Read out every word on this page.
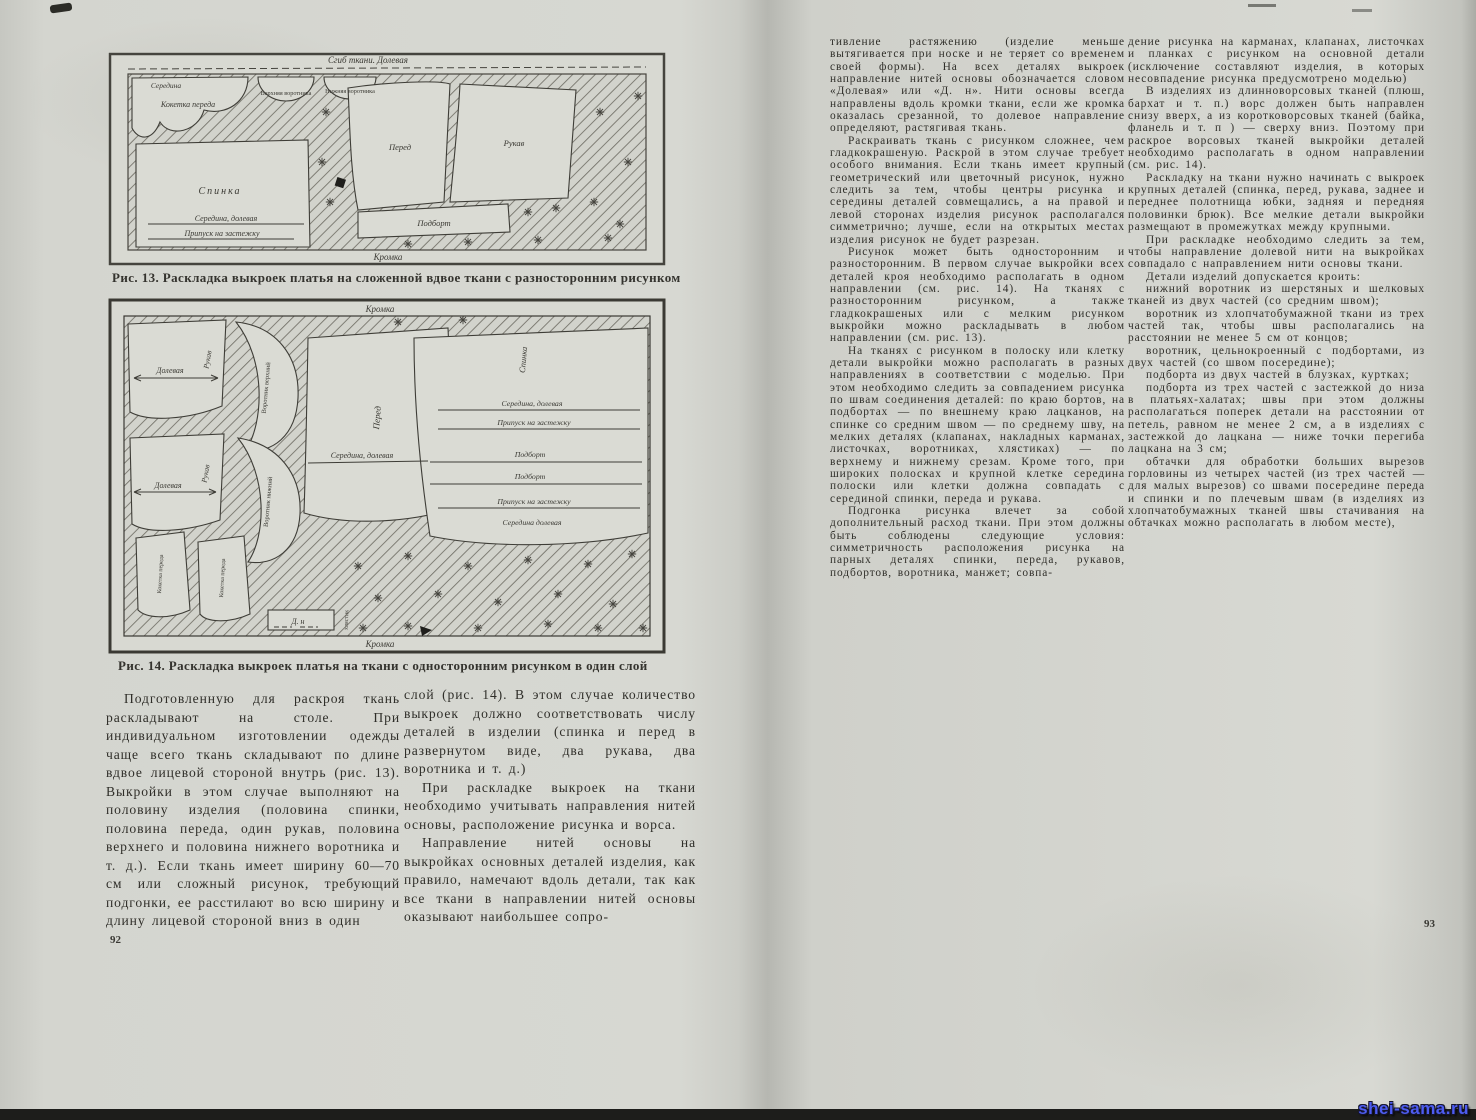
Сгиб ткани. Долевая
Середина
Кокетка переда
Верхняя воротника Нижняя воротника
Спинка
Середина, долевая
Припуск на застежку
Перед	Рукав
Подборт
Кромка
Рис. 13. Раскладка выкроек платья на сложенной вдвое ткани с разносторонним рисунком
Кромка
Рукав
Долевая
Рукав
Долевая
Воротник верхний
Воротник нижний
Кокетка переда	Кокетка переда
Перед
Середина, долевая
Спинка
Середина, долевая
Припуск на застежку
Подборт
Подборт
Припуск на застежку
Середина долевая
Д. н	хлястик
Кромка
Рис. 14. Раскладка выкроек платья на ткани с односторонним рисунком в один слой

Подготовленную для раскроя ткань раскладывают на столе. При индивидуальном изготовлении одежды чаще всего ткань складывают по длине вдвое лицевой стороной внутрь (рис. 13). Выкройки в этом случае выполняют на половину изделия (половина спинки, половина переда, один рукав, половина верхнего и половина нижнего воротника и т. д.). Если ткань имеет ширину 60—70 см или сложный рисунок, требующий подгонки, ее расстилают во всю ширину и длину лицевой стороной вниз в один

слой (рис. 14). В этом случае количество выкроек должно соответствовать числу деталей в изделии (спинка и перед в развернутом виде, два рукава, два воротника и т. д.)

При раскладке выкроек на ткани необходимо учитывать направления нитей основы, расположение рисунка и ворса.

Направление нитей основы на выкройках основных деталей изделия, как правило, намечают вдоль детали, так как все ткани в направлении нитей основы оказывают наибольшее сопро-

92

тивление растяжению (изделие меньше вытягивается при носке и не теряет со временем своей формы). На всех деталях выкроек направление нитей основы обозначается словом «Долевая» или «Д. н». Нити основы всегда направлены вдоль кромки ткани, если же кромка оказалась срезанной, то долевое направление определяют, растягивая ткань.

Раскраивать ткань с рисунком сложнее, чем гладкокрашеную. Раскрой в этом случае требует особого внимания. Если ткань имеет крупный геометрический или цветочный рисунок, нужно следить за тем, чтобы центры рисунка и середины деталей совмещались, а на правой и левой сторонах изделия рисунок располагался симметрично; лучше, если на открытых местах изделия рисунок не будет разрезан.

Рисунок может быть односторонним и разносторонним. В первом случае выкройки всех деталей кроя необходимо располагать в одном направлении (см. рис. 14). На тканях с разносторонним рисунком, а также гладкокрашеных или с мелким рисунком выкройки можно раскладывать в любом направлении (см. рис. 13).

На тканях с рисунком в полоску или клетку детали выкройки можно располагать в разных направлениях в соответствии с моделью. При этом необходимо следить за совпадением рисунка по швам соединения деталей: по краю бортов, на подбортах — по внешнему краю лацканов, на спинке со средним швом — по среднему шву, на мелких деталях (клапанах, накладных карманах, листочках, воротниках, хлястиках) — по верхнему и нижнему срезам. Кроме того, при широких полосках и крупной клетке середина полоски или клетки должна совпадать с серединой спинки, переда и рукава.

Подгонка рисунка влечет за собой дополнительный расход ткани. При этом должны быть соблюдены следующие условия: симметричность расположения рисунка на парных деталях спинки, переда, рукавов, подбортов, воротника, манжет; совпа-

дение рисунка на карманах, клапанах, листочках и планках с рисунком на основной детали (исключение составляют изделия, в которых несовпадение рисунка предусмотрено моделью)

В изделиях из длинноворсовых тканей (плюш, бархат и т. п.) ворс должен быть направлен снизу вверх, а из коротковорсовых тканей (байка, фланель и т. п ) — сверху вниз. Поэтому при раскрое ворсовых тканей выкройки деталей необходимо располагать в одном направлении (см. рис. 14).

Раскладку на ткани нужно начинать с выкроек крупных деталей (спинка, перед, рукава, заднее и переднее полотнища юбки, задняя и передняя половинки брюк). Все мелкие детали выкройки размещают в промежутках между крупными.

При раскладке необходимо следить за тем, чтобы направление долевой нити на выкройках совпадало с направлением нити основы ткани.

Детали изделий допускается кроить:

нижний воротник из шерстяных и шелковых тканей из двух частей (со средним швом);

воротник из хлопчатобумажной ткани из трех частей так, чтобы швы располагались на расстоянии не менее 5 см от концов;

воротник, цельнокроенный с подбортами, из двух частей (со швом посередине);

подборта из двух частей в блузках, куртках;

подборта из трех частей с застежкой до низа в платьях-халатах; швы при этом должны располагаться поперек детали на расстоянии от петель, равном не менее 2 см, а в изделиях с застежкой до лацкана — ниже точки перегиба лацкана на 3 см;

обтачки для обработки больших вырезов горловины из четырех частей (из трех частей — для малых вырезов) со швами посередине переда и спинки и по плечевым швам (в изделиях из хлопчатобумажных тканей швы стачивания на обтачках можно располагать в любом месте),

93
shei-sama.ru
